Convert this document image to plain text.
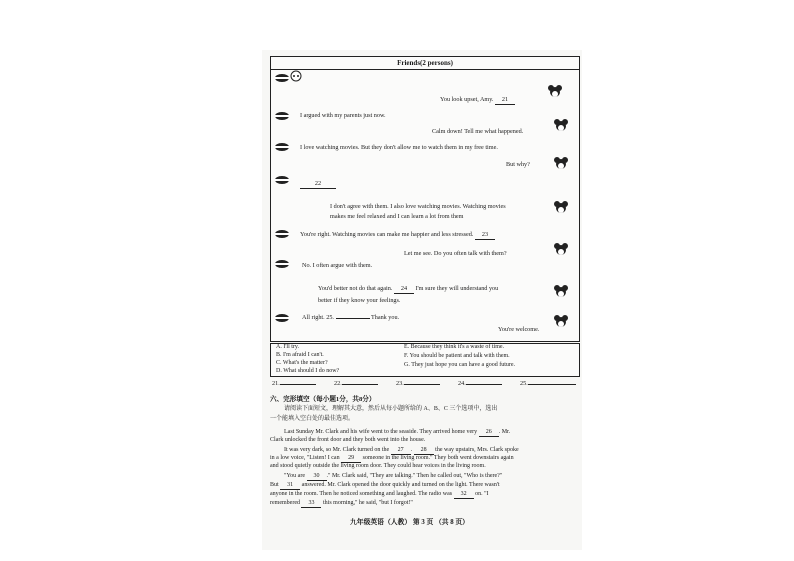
Friends(2 persons)
You look upset, Amy. 21
I argued with my parents just now.
Calm down! Tell me what happened.
I love watching movies. But they don't allow me to watch them in my free time.
But why?
22
I don't agree with them. I also love watching movies. Watching movies
makes me feel relaxed and I can learn a lot from them
You're right. Watching movies can make me happier and less stressed. 23
Let me see. Do you often talk with them?
No. I often argue with them.
You'd better not do that again. 24 I'm sure they will understand you
better if they know your feelings.
All right. 25.	Thank you.
You're welcome.
A. I'll try.
B. I'm afraid I can't.
C. What's the matter?
D. What should I do now?
E. Because they think it's a waste of time.
F. You should be patient and talk with them.
G. They just hope you can have a good future.
21.	22.	23.	24.	25.
六、完形填空（每小题1分，共8分）
请阅读下面短文，理解其大意，然后从每小题所给的 A、B、C 三个选项中，选出
一个能填入空白处的最佳选项。
Last Sunday Mr. Clark and his wife went to the seaside. They arrived home very 26 . Mr.
Clark unlocked the front door and they both went into the house.
It was very dark, so Mr. Clark turned on the 27 . 28 the way upstairs, Mrs. Clark spoke
in a low voice, "Listen! I can 29 someone in the living room." They both went downstairs again
and stood quietly outside the living room door. They could hear voices in the living room.
"You are 30 ." Mr. Clark said, "They are talking." Then he called out, "Who is there?"
But 31 answered. Mr. Clark opened the door quickly and turned on the light. There wasn't
anyone in the room. Then he noticed something and laughed. The radio was 32 on. "I
remembered 33 this morning," he said, "but I forgot!"
九年级英语（人教） 第 3 页 （共 8 页）
